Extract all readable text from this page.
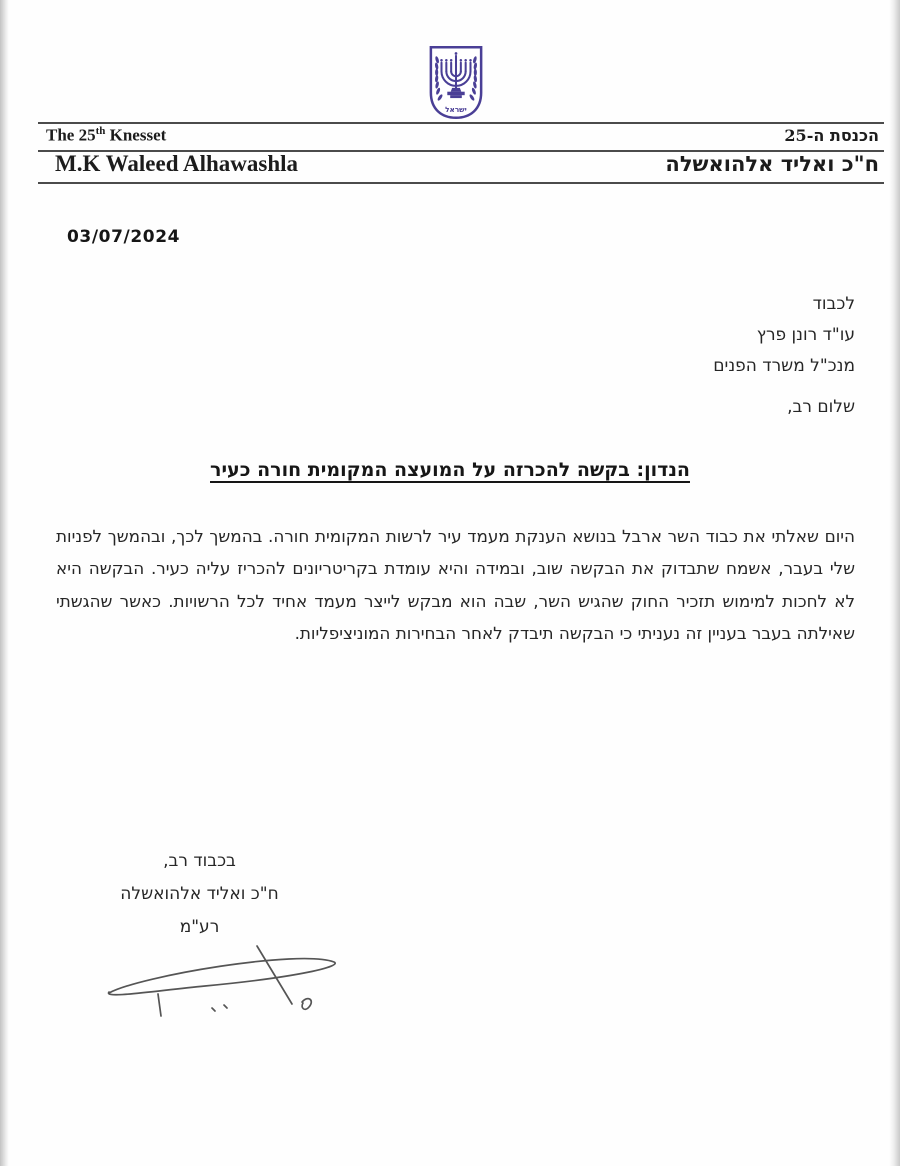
ישראל
The 25th Knesset	הכנסת ה-25
M.K Waleed Alhawashla	ח"כ ואליד אלהואשלה
03/07/2024
לכבוד
עו"ד רונן פרץ
מנכ"ל משרד הפנים
שלום רב,
הנדון: בקשה להכרזה על המועצה המקומית חורה כעיר
היום שאלתי את כבוד השר ארבל בנושא הענקת מעמד עיר לרשות המקומית חורה. בהמשך לכך, ובהמשך לפניות שלי בעבר, אשמח שתבדוק את הבקשה שוב, ובמידה והיא עומדת בקריטריונים להכריז עליה כעיר. הבקשה היא לא לחכות למימוש תזכיר החוק שהגיש השר, שבה הוא מבקש לייצר מעמד אחיד לכל הרשויות. כאשר שהגשתי שאילתה בעבר בעניין זה נעניתי כי הבקשה תיבדק לאחר הבחירות המוניציפליות.
בכבוד רב,
ח"כ ואליד אלהואשלה
רע"מ
